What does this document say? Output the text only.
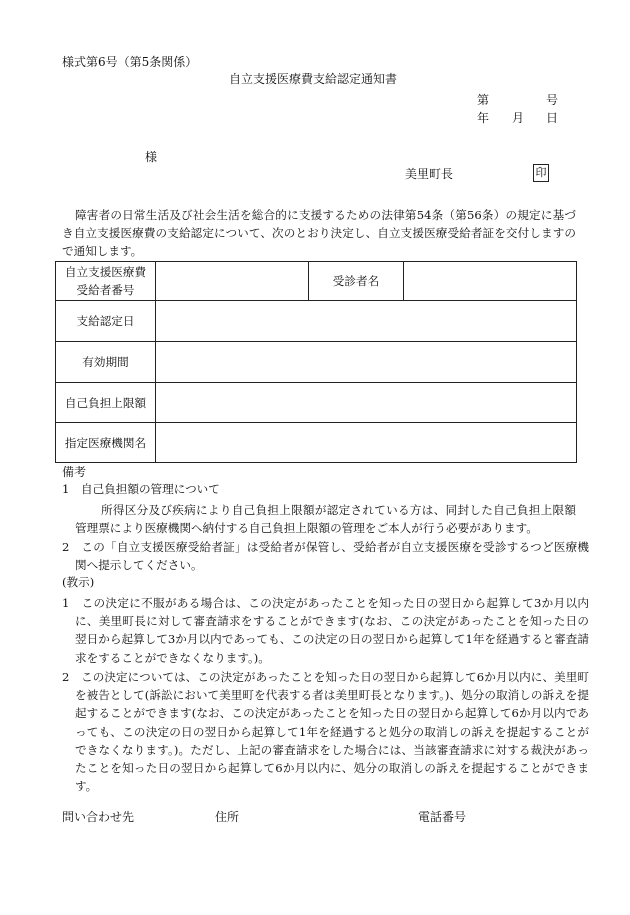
様式第6号（第5条関係）
自立支援医療費支給認定通知書
第	号
年 月 日
様
美里町長	印
障害者の日常生活及び社会生活を総合的に支援するための法律第54条（第56条）の規定に基づき自立支援医療費の支給認定について、次のとおり決定し、自立支援医療受給者証を交付しますので通知します。
自立支援医療費
受給者番号		受診者名	
支給認定日			
有効期間			
自己負担上限額			
指定医療機関名			
備考
1　自己負担額の管理について
所得区分及び疾病により自己負担上限額が認定されている方は、同封した自己負担上限額管理票により医療機関へ納付する自己負担上限額の管理をご本人が行う必要があります。
2　この「自立支援医療受給者証」は受給者が保管し、受給者が自立支援医療を受診するつど医療機関へ提示してください。
(教示)
1　この決定に不服がある場合は、この決定があったことを知った日の翌日から起算して3か月以内に、美里町長に対して審査請求をすることができます(なお、この決定があったことを知った日の翌日から起算して3か月以内であっても、この決定の日の翌日から起算して1年を経過すると審査請求をすることができなくなります。)。
2　この決定については、この決定があったことを知った日の翌日から起算して6か月以内に、美里町を被告として(訴訟において美里町を代表する者は美里町長となります。)、処分の取消しの訴えを提起することができます(なお、この決定があったことを知った日の翌日から起算して6か月以内であっても、この決定の日の翌日から起算して1年を経過すると処分の取消しの訴えを提起することができなくなります。)。ただし、上記の審査請求をした場合には、当該審査請求に対する裁決があったことを知った日の翌日から起算して6か月以内に、処分の取消しの訴えを提起することができます。
問い合わせ先	住所	電話番号
